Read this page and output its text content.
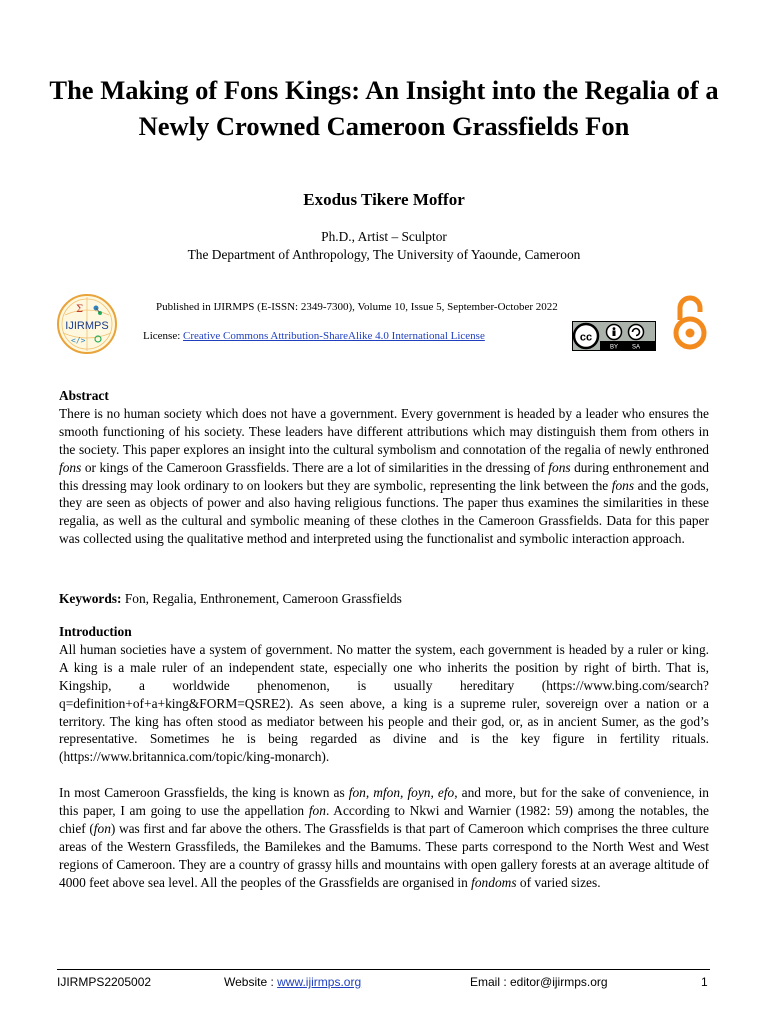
The Making of Fons Kings: An Insight into the Regalia of a Newly Crowned Cameroon Grassfields Fon
Exodus Tikere Moffor
Ph.D., Artist – Sculptor
The Department of Anthropology, The University of Yaounde, Cameroon
Σ
IJIRMPS
</>
Published in IJIRMPS (E-ISSN: 2349-7300), Volume 10, Issue 5, September-October 2022
License: Creative Commons Attribution-ShareAlike 4.0 International License	cc
BY SA
Abstract
There is no human society which does not have a government. Every government is headed by a leader who ensures the smooth functioning of his society. These leaders have different attributions which may distinguish them from others in the society. This paper explores an insight into the cultural symbolism and connotation of the regalia of newly enthroned fons or kings of the Cameroon Grassfields. There are a lot of similarities in the dressing of fons during enthronement and this dressing may look ordinary to on lookers but they are symbolic, representing the link between the fons and the gods, they are seen as objects of power and also having religious functions. The paper thus examines the similarities in these regalia, as well as the cultural and symbolic meaning of these clothes in the Cameroon Grassfields. Data for this paper was collected using the qualitative method and interpreted using the functionalist and symbolic interaction approach.
Keywords: Fon, Regalia, Enthronement, Cameroon Grassfields
Introduction
All human societies have a system of government. No matter the system, each government is headed by a ruler or king. A king is a male ruler of an independent state, especially one who inherits the position by right of birth. That is, Kingship, a worldwide phenomenon, is usually hereditary (https://www.bing.com/search?q=definition+of+a+king&FORM=QSRE2). As seen above, a king is a supreme ruler, sovereign over a nation or a territory. The king has often stood as mediator between his people and their god, or, as in ancient Sumer, as the god’s representative. Sometimes he is being regarded as divine and is the key figure in fertility rituals. (https://www.britannica.com/topic/king-monarch).
In most Cameroon Grassfields, the king is known as fon, mfon, foyn, efo, and more, but for the sake of convenience, in this paper, I am going to use the appellation fon. According to Nkwi and Warnier (1982: 59) among the notables, the chief (fon) was first and far above the others. The Grassfields is that part of Cameroon which comprises the three culture areas of the Western Grassfileds, the Bamilekes and the Bamums. These parts correspond to the North West and West regions of Cameroon. They are a country of grassy hills and mountains with open gallery forests at an average altitude of 4000 feet above sea level. All the peoples of the Grassfields are organised in fondoms of varied sizes.
IJIRMPS2205002	Website : www.ijirmps.org	Email : editor@ijirmps.org	1
